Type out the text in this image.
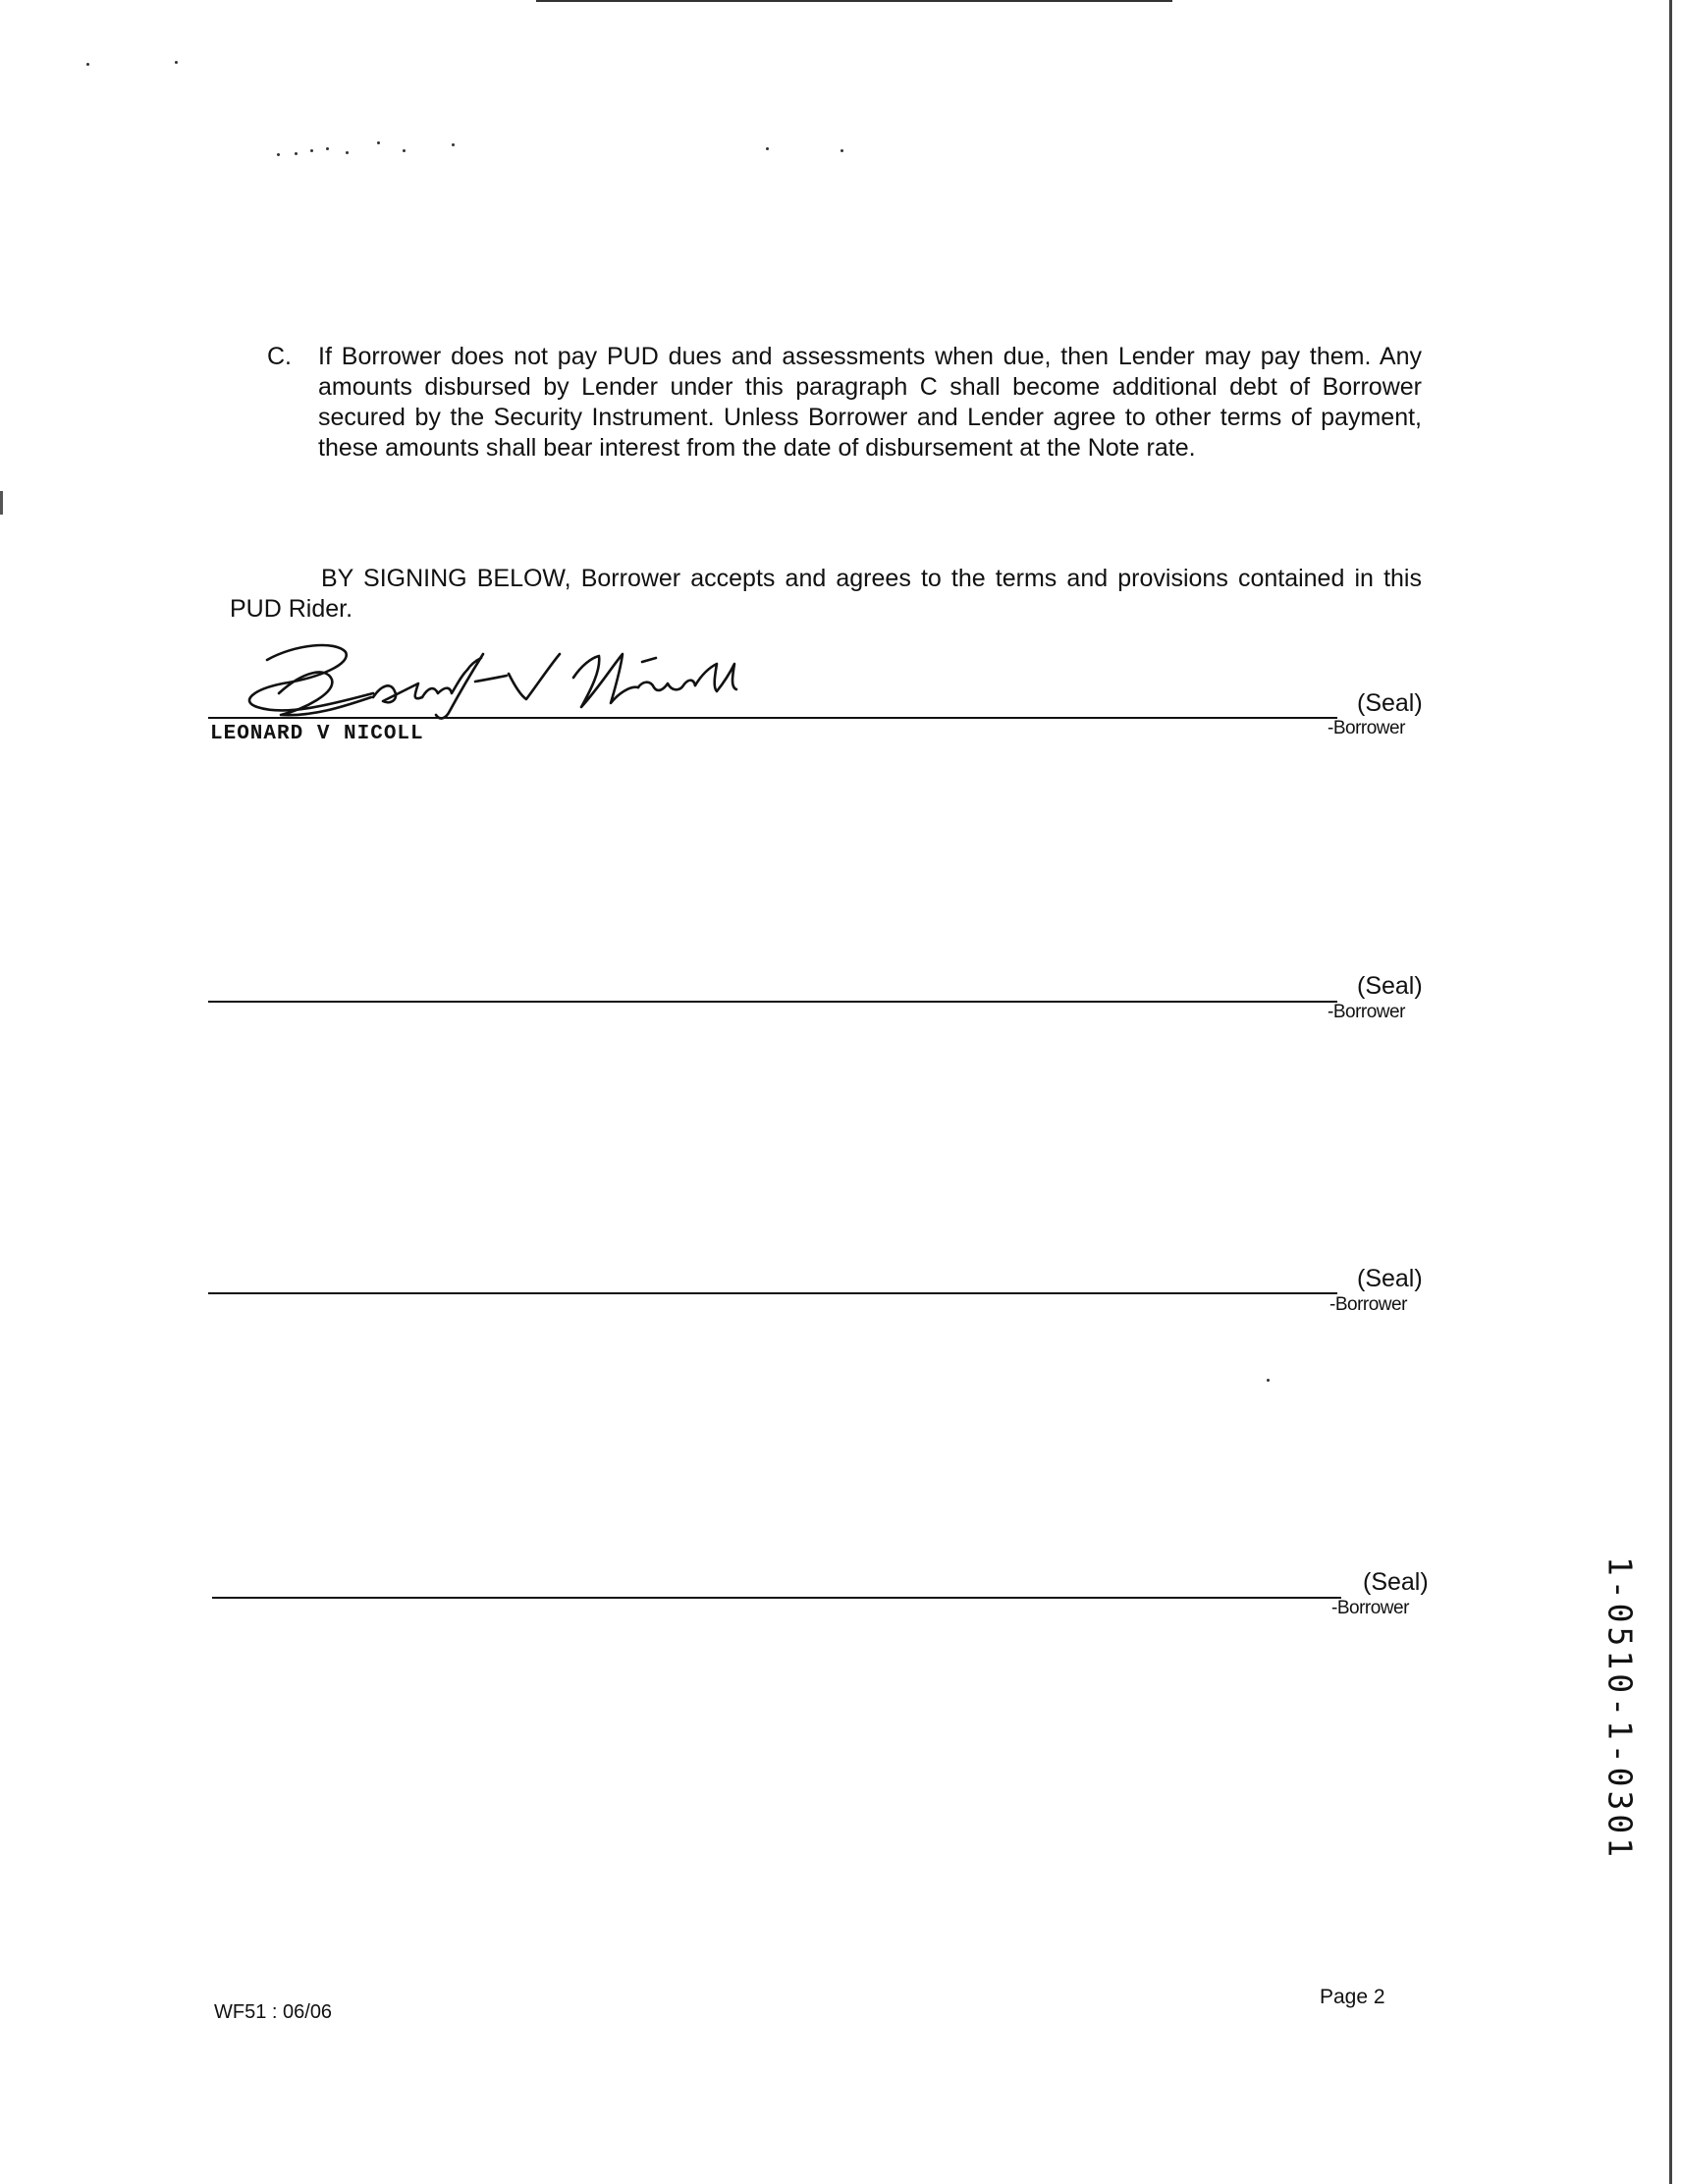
C. If Borrower does not pay PUD dues and assessments when due, then Lender may pay them. Any amounts disbursed by Lender under this paragraph C shall become additional debt of Borrower secured by the Security Instrument. Unless Borrower and Lender agree to other terms of payment, these amounts shall bear interest from the date of disbursement at the Note rate.
BY SIGNING BELOW, Borrower accepts and agrees to the terms and provisions contained in this PUD Rider.
(Seal)
-Borrower
LEONARD V NICOLL
(Seal)
-Borrower
(Seal)
-Borrower
(Seal)
-Borrower	1-0510-1-0301
Page 2
WF51 : 06/06
